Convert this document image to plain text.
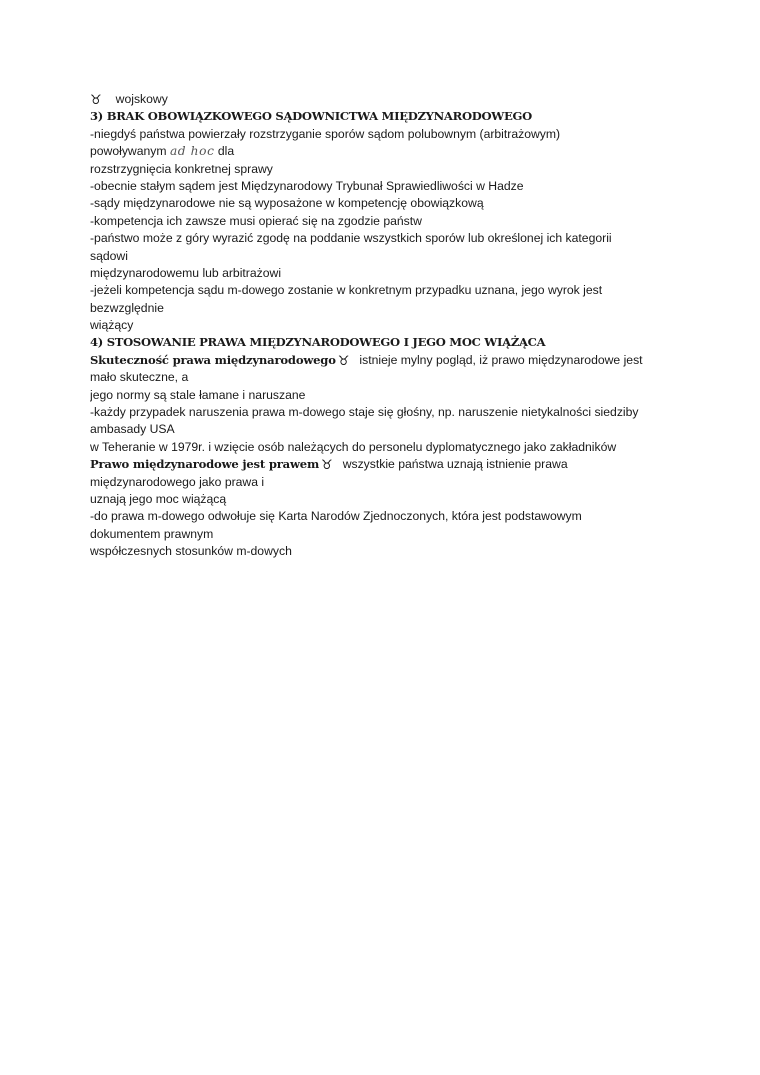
♉ wojskowy
3) BRAK OBOWIĄZKOWEGO SĄDOWNICTWA MIĘDZYNARODOWEGO
-niegdyś państwa powierzały rozstrzyganie sporów sądom polubownym (arbitrażowym)
powoływanym ad hoc dla
rozstrzygnięcia konkretnej sprawy
-obecnie stałym sądem jest Międzynarodowy Trybunał Sprawiedliwości w Hadze
-sądy międzynarodowe nie są wyposażone w kompetencję obowiązkową
-kompetencja ich zawsze musi opierać się na zgodzie państw
-państwo może z góry wyrazić zgodę na poddanie wszystkich sporów lub określonej ich kategorii
sądowi
międzynarodowemu lub arbitrażowi
-jeżeli kompetencja sądu m-dowego zostanie w konkretnym przypadku uznana, jego wyrok jest
bezwzględnie
wiążący
4) STOSOWANIE PRAWA MIĘDZYNARODOWEGO I JEGO MOC WIĄŻĄCA
Skuteczność prawa międzynarodowego ♉ istnieje mylny pogląd, iż prawo międzynarodowe jest
mało skuteczne, a
jego normy są stale łamane i naruszane
-każdy przypadek naruszenia prawa m-dowego staje się głośny, np. naruszenie nietykalności siedziby
ambasady USA
w Teheranie w 1979r. i wzięcie osób należących do personelu dyplomatycznego jako zakładników
Prawo międzynarodowe jest prawem ♉ wszystkie państwa uznają istnienie prawa
międzynarodowego jako prawa i
uznają jego moc wiążącą
-do prawa m-dowego odwołuje się Karta Narodów Zjednoczonych, która jest podstawowym
dokumentem prawnym
współczesnych stosunków m-dowych
